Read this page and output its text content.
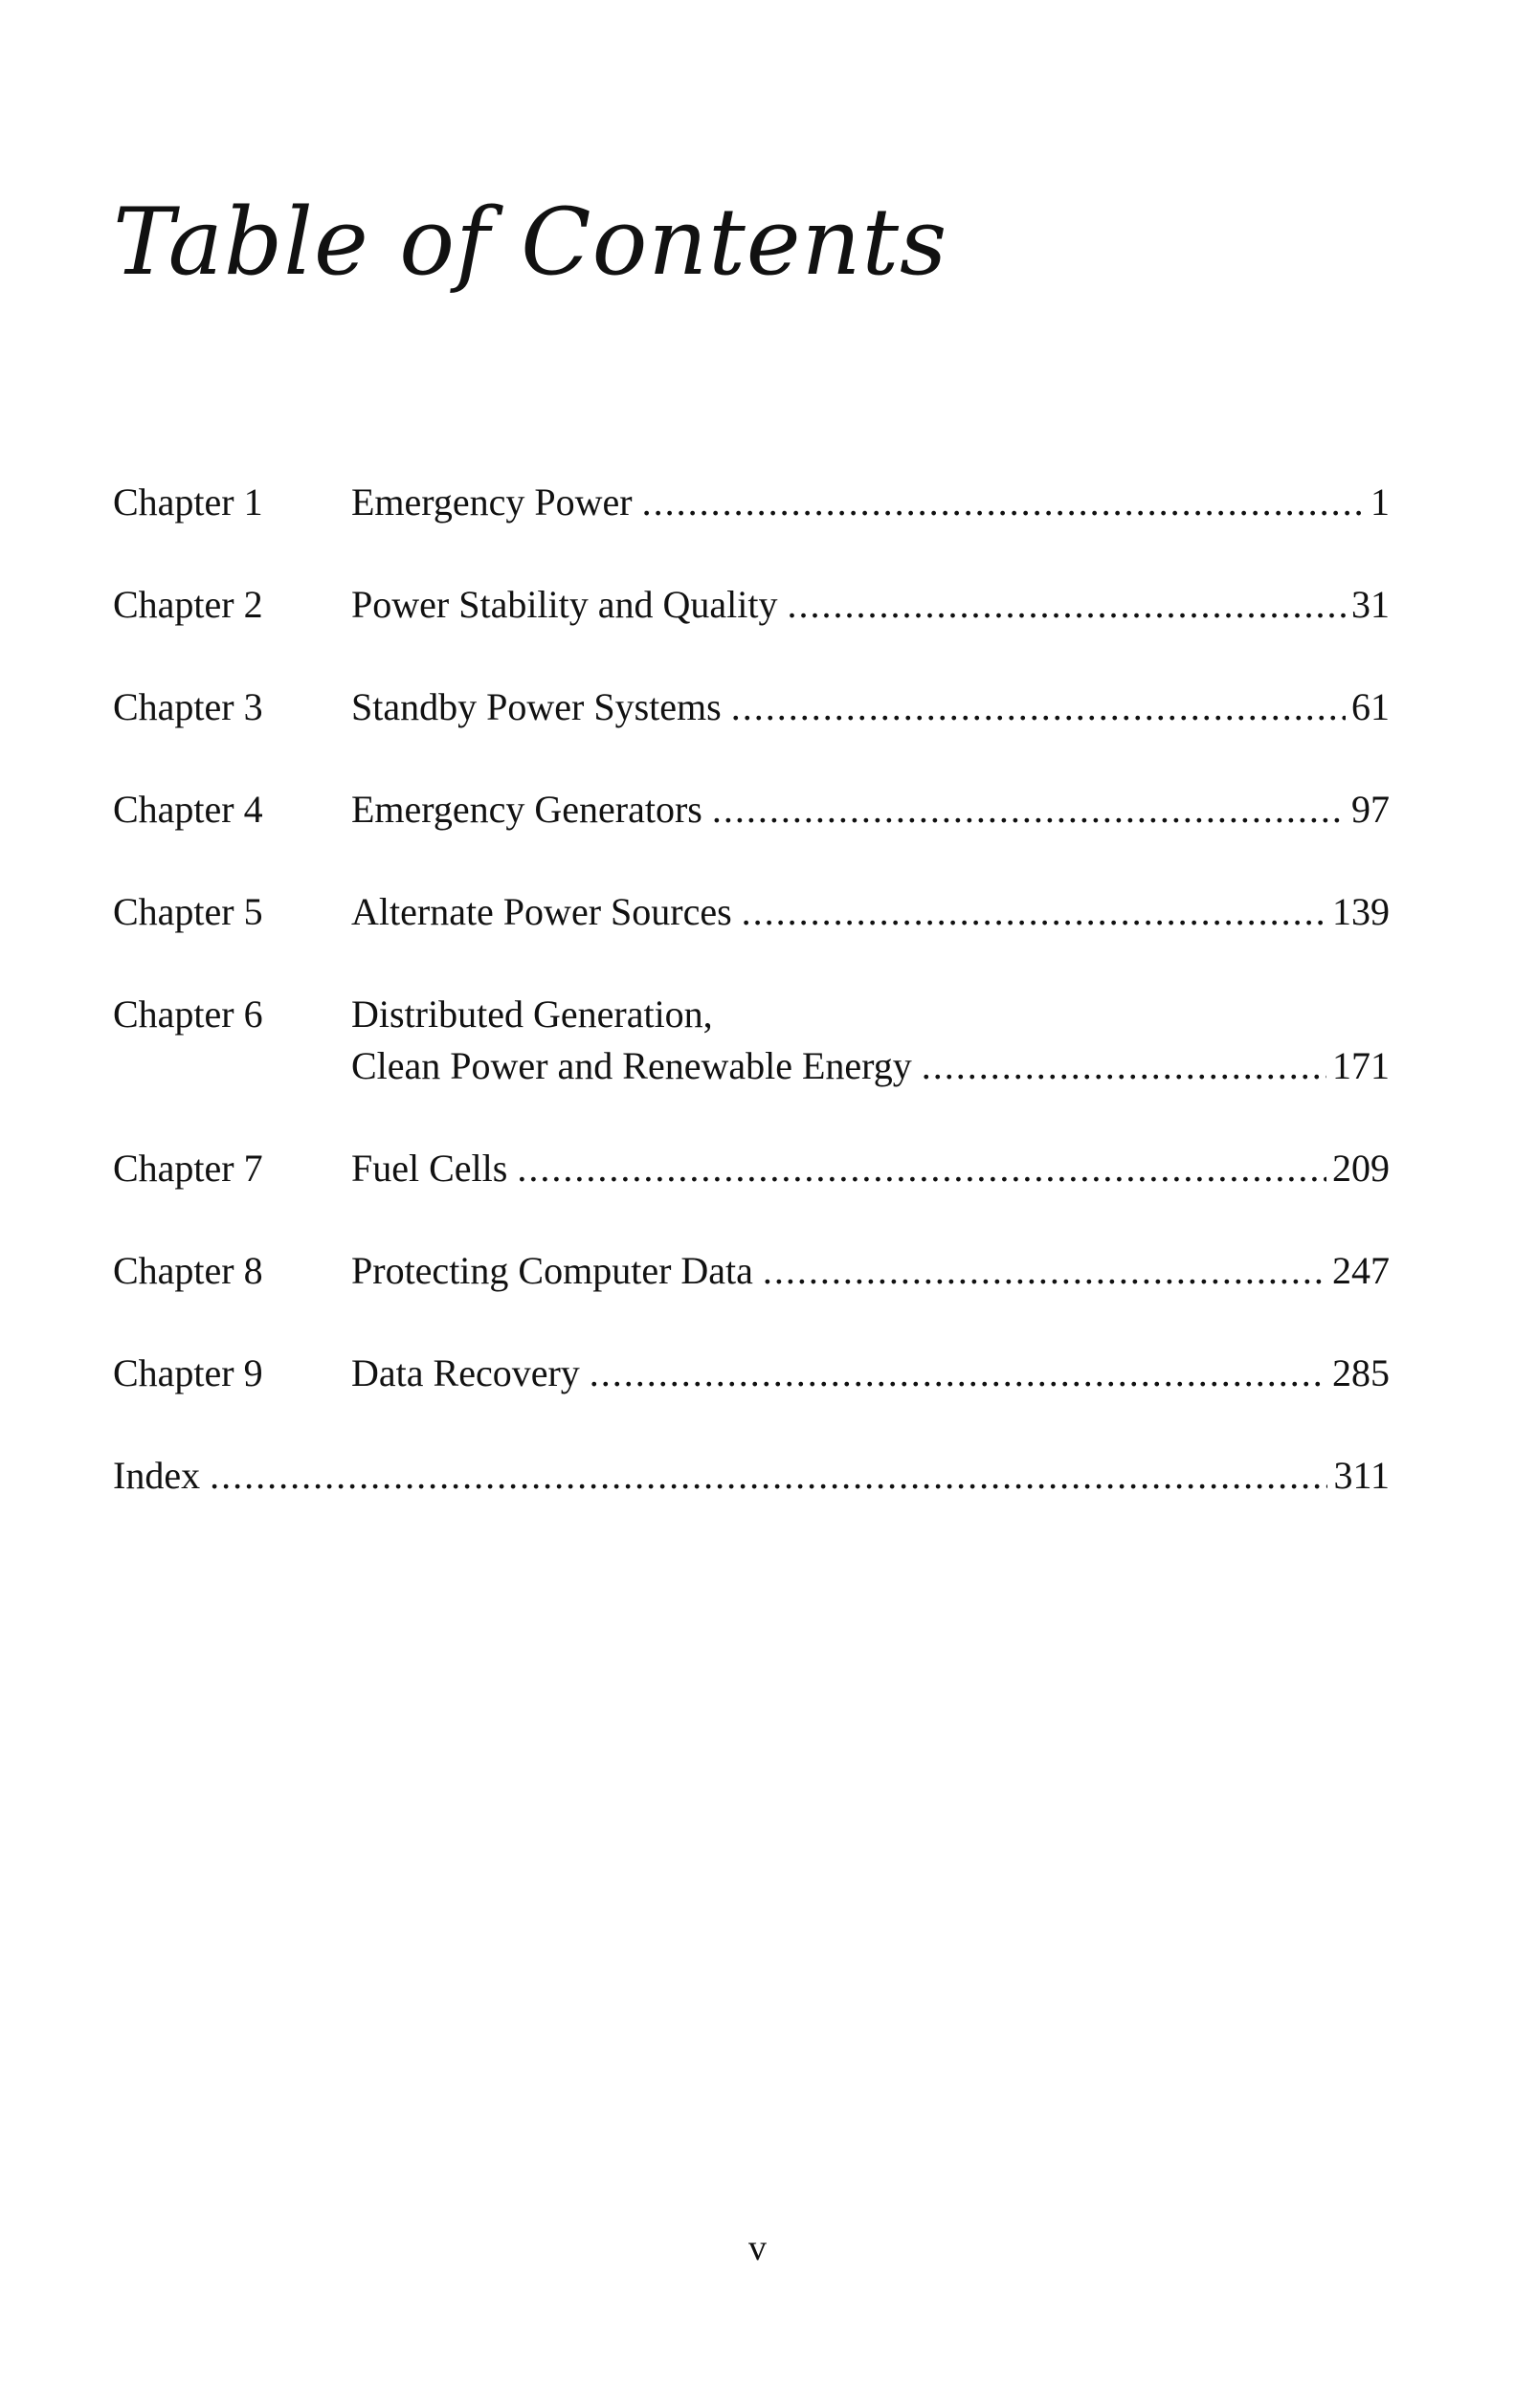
Table of Contents
Chapter 1	Emergency Power .....	1
Chapter 2	Power Stability and Quality .....	31
Chapter 3	Standby Power Systems .....	61
Chapter 4	Emergency Generators .....	97
Chapter 5	Alternate Power Sources .....	139
Chapter 6	Distributed Generation,
Clean Power and Renewable Energy .....	171
Chapter 7	Fuel Cells .....	209
Chapter 8	Protecting Computer Data .....	247
Chapter 9	Data Recovery .....	285
Index .....	311
v
